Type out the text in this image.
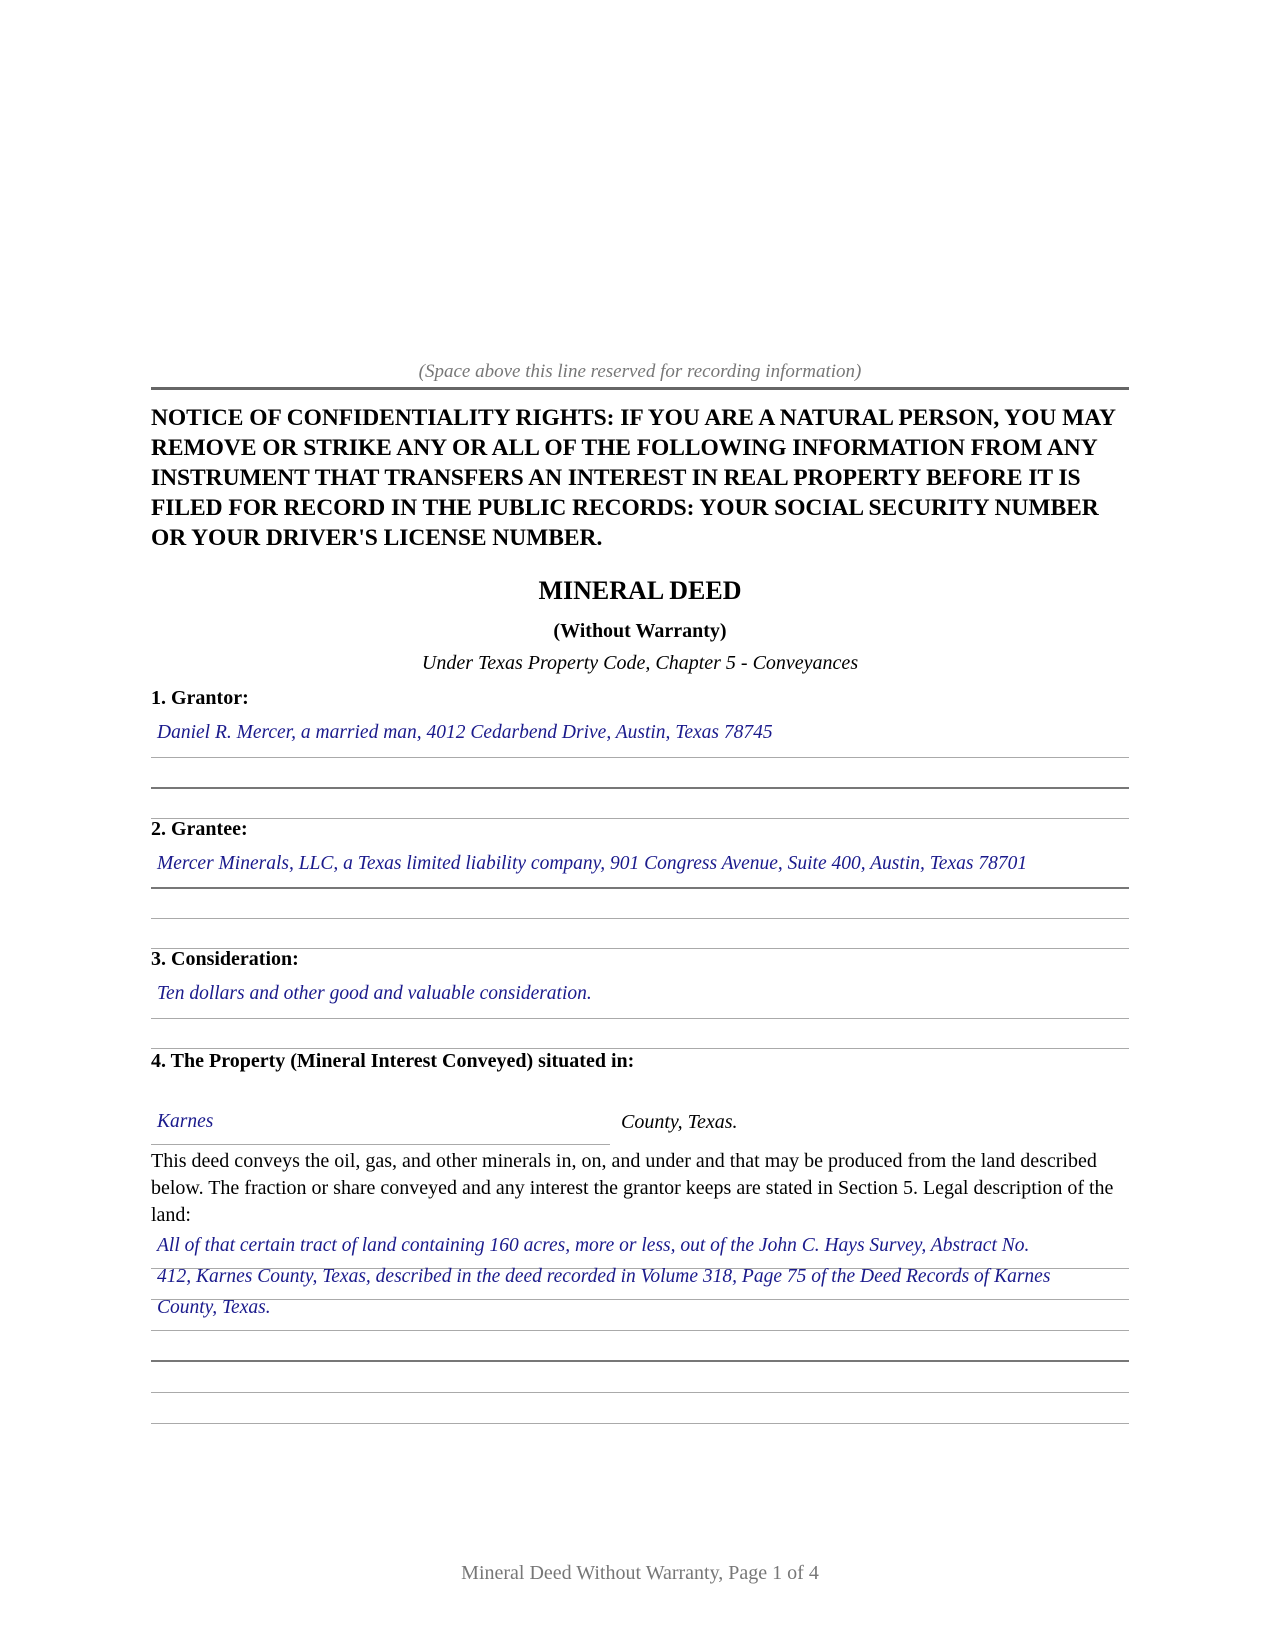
(Space above this line reserved for recording information)
NOTICE OF CONFIDENTIALITY RIGHTS: IF YOU ARE A NATURAL PERSON, YOU MAY REMOVE OR STRIKE ANY OR ALL OF THE FOLLOWING INFORMATION FROM ANY INSTRUMENT THAT TRANSFERS AN INTEREST IN REAL PROPERTY BEFORE IT IS FILED FOR RECORD IN THE PUBLIC RECORDS: YOUR SOCIAL SECURITY NUMBER OR YOUR DRIVER'S LICENSE NUMBER.
MINERAL DEED
(Without Warranty)
Under Texas Property Code, Chapter 5 - Conveyances
1. Grantor:
Daniel R. Mercer, a married man, 4012 Cedarbend Drive, Austin, Texas 78745
2. Grantee:
Mercer Minerals, LLC, a Texas limited liability company, 901 Congress Avenue, Suite 400, Austin, Texas 78701
3. Consideration:
Ten dollars and other good and valuable consideration.
4. The Property (Mineral Interest Conveyed) situated in:
Karnes	County, Texas.
This deed conveys the oil, gas, and other minerals in, on, and under and that may be produced from the land described below. The fraction or share conveyed and any interest the grantor keeps are stated in Section 5. Legal description of the land:
All of that certain tract of land containing 160 acres, more or less, out of the John C. Hays Survey, Abstract No.
412, Karnes County, Texas, described in the deed recorded in Volume 318, Page 75 of the Deed Records of Karnes
County, Texas.
Mineral Deed Without Warranty, Page 1 of 4
